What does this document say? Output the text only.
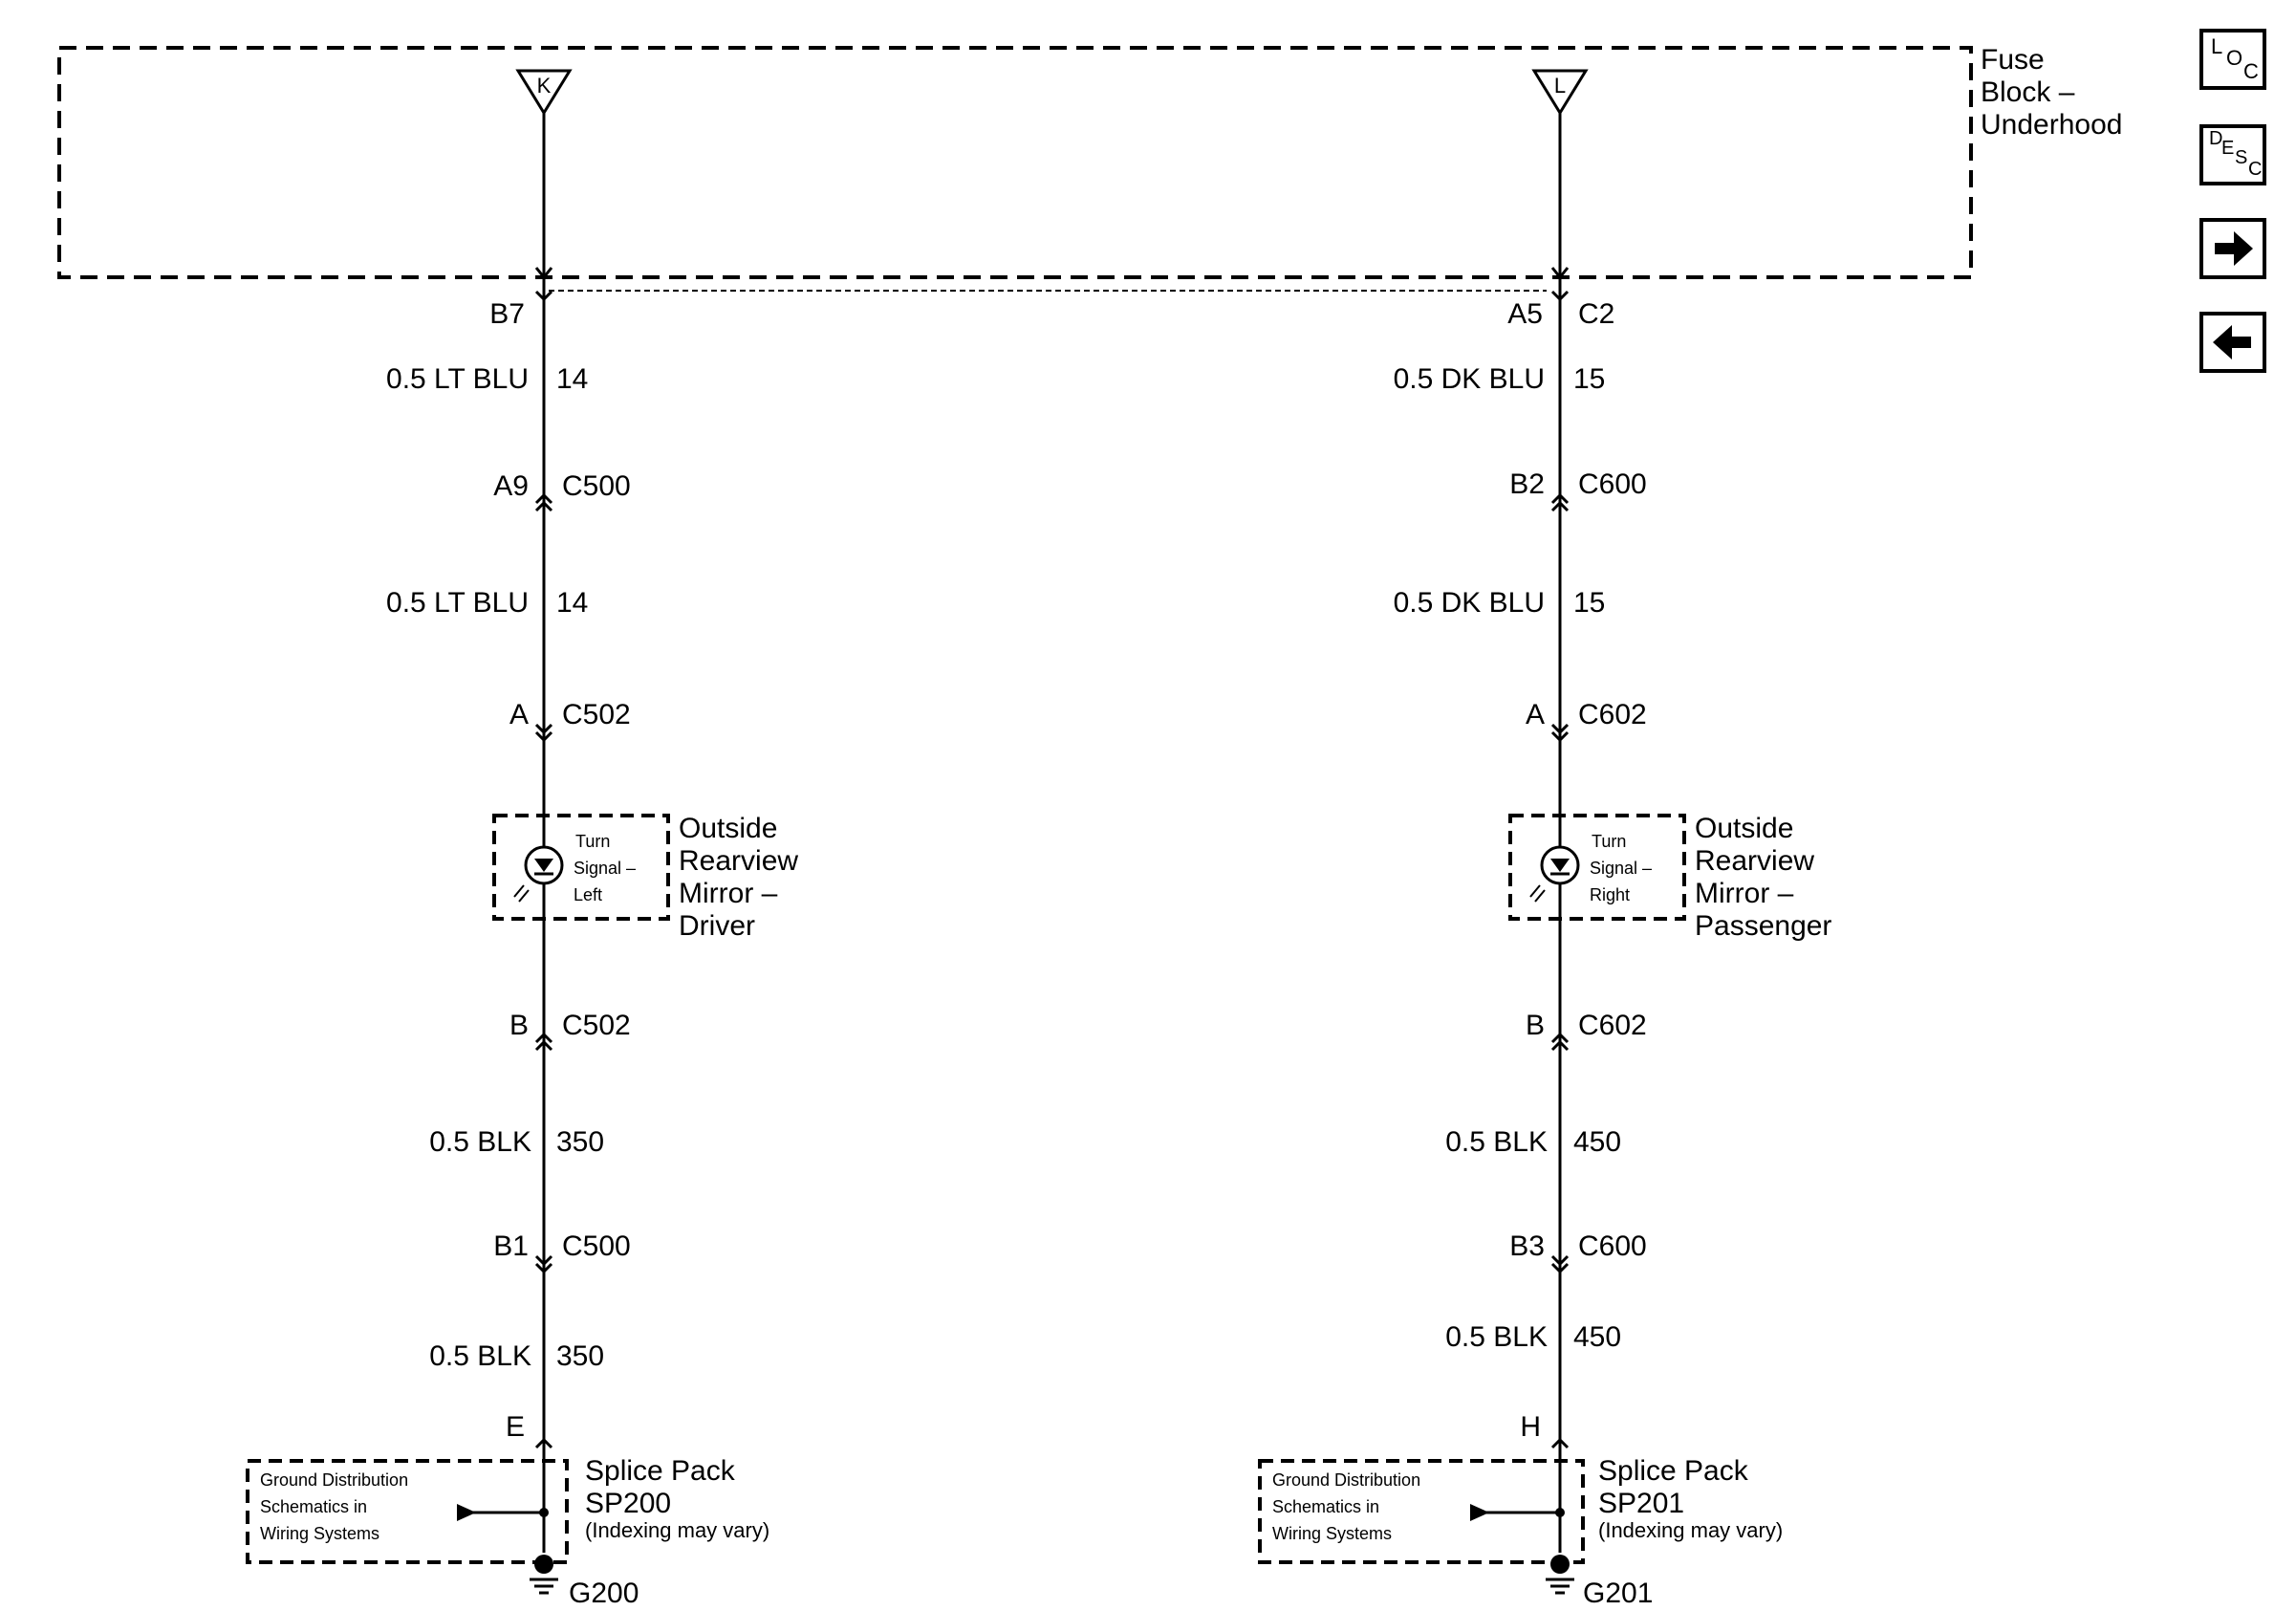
Fuse
Block –
Underhood
K
B7
0.5 LT BLU 14
A9 C500
0.5 LT BLU 14
A C502
Turn
Signal –
Left
Outside
Rearview
Mirror –
Driver
B C502
0.5 BLK 350
B1 C500
0.5 BLK 350
E
Ground Distribution
Schematics in
Wiring Systems
Splice Pack
SP200
(Indexing may vary)
G200
L
A5 C2
0.5 DK BLU 15
B2 C600
0.5 DK BLU 15
A C602
Turn
Signal –
Right
Outside
Rearview
Mirror –
Passenger
B C602
0.5 BLK 450
B3 C600
0.5 BLK 450
H
Ground Distribution
Schematics in
Wiring Systems
Splice Pack
SP201
(Indexing may vary)
G201
L O
C
D
E S
C
